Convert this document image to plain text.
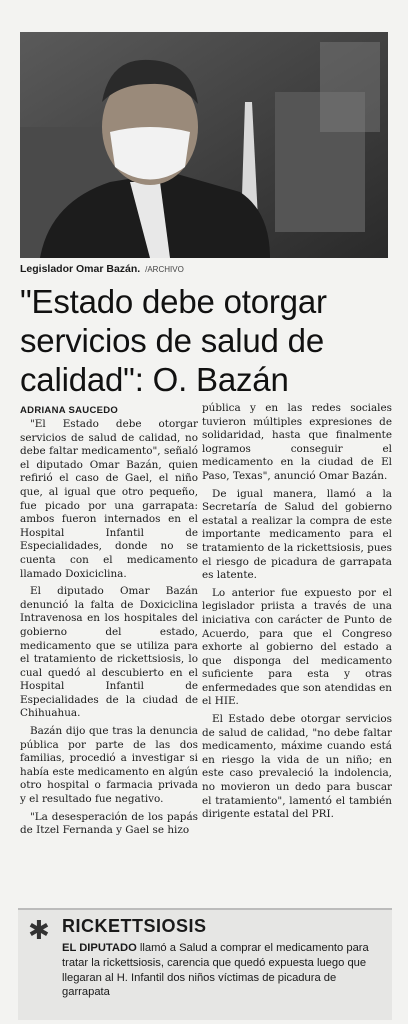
Legislador Omar Bazán. /ARCHIVO
"Estado debe otorgar
servicios de salud de
calidad": O. Bazán
ADRIANA SAUCEDO

"El Estado debe otorgar servicios de salud de calidad, no debe faltar medicamento", señaló el diputado Omar Bazán, quien refirió el caso de Gael, el niño que, al igual que otro pequeño, fue picado por una garrapata: ambos fueron internados en el Hospital Infantil de Especialidades, donde no se cuenta con el medicamento llamado Doxiciclina.

El diputado Omar Bazán denunció la falta de Doxiciclina Intravenosa en los hospitales del gobierno del estado, medicamento que se utiliza para el tratamiento de rickettsiosis, lo cual quedó al descubierto en el Hospital Infantil de Especialidades de la ciudad de Chihuahua.

Bazán dijo que tras la denuncia pública por parte de las dos familias, procedió a investigar si había este medicamento en algún otro hospital o farmacia privada y el resultado fue negativo.

"La desesperación de los papás de Itzel Fernanda y Gael se hizo

pública y en las redes sociales tuvieron múltiples expresiones de solidaridad, hasta que finalmente logramos conseguir el medicamento en la ciudad de El Paso, Texas", anunció Omar Bazán.

De igual manera, llamó a la Secretaría de Salud del gobierno estatal a realizar la compra de este importante medicamento para el tratamiento de la rickettsiosis, pues el riesgo de picadura de garrapata es latente.

Lo anterior fue expuesto por el legislador priista a través de una iniciativa con carácter de Punto de Acuerdo, para que el Congreso exhorte al gobierno del estado a que disponga del medicamento suficiente para esta y otras enfermedades que son atendidas en el HIE.

El Estado debe otorgar servicios de salud de calidad, "no debe faltar medicamento, máxime cuando está en riesgo la vida de un niño; en este caso prevaleció la indolencia, no movieron un dedo para buscar el tratamiento", lamentó el también dirigente estatal del PRI.

✱ RICKETTSIOSIS
EL DIPUTADO llamó a Salud a comprar el medicamento para tratar la rickettsiosis, carencia que quedó expuesta luego que llegaran al H. Infantil dos niños víctimas de picadura de garrapata
